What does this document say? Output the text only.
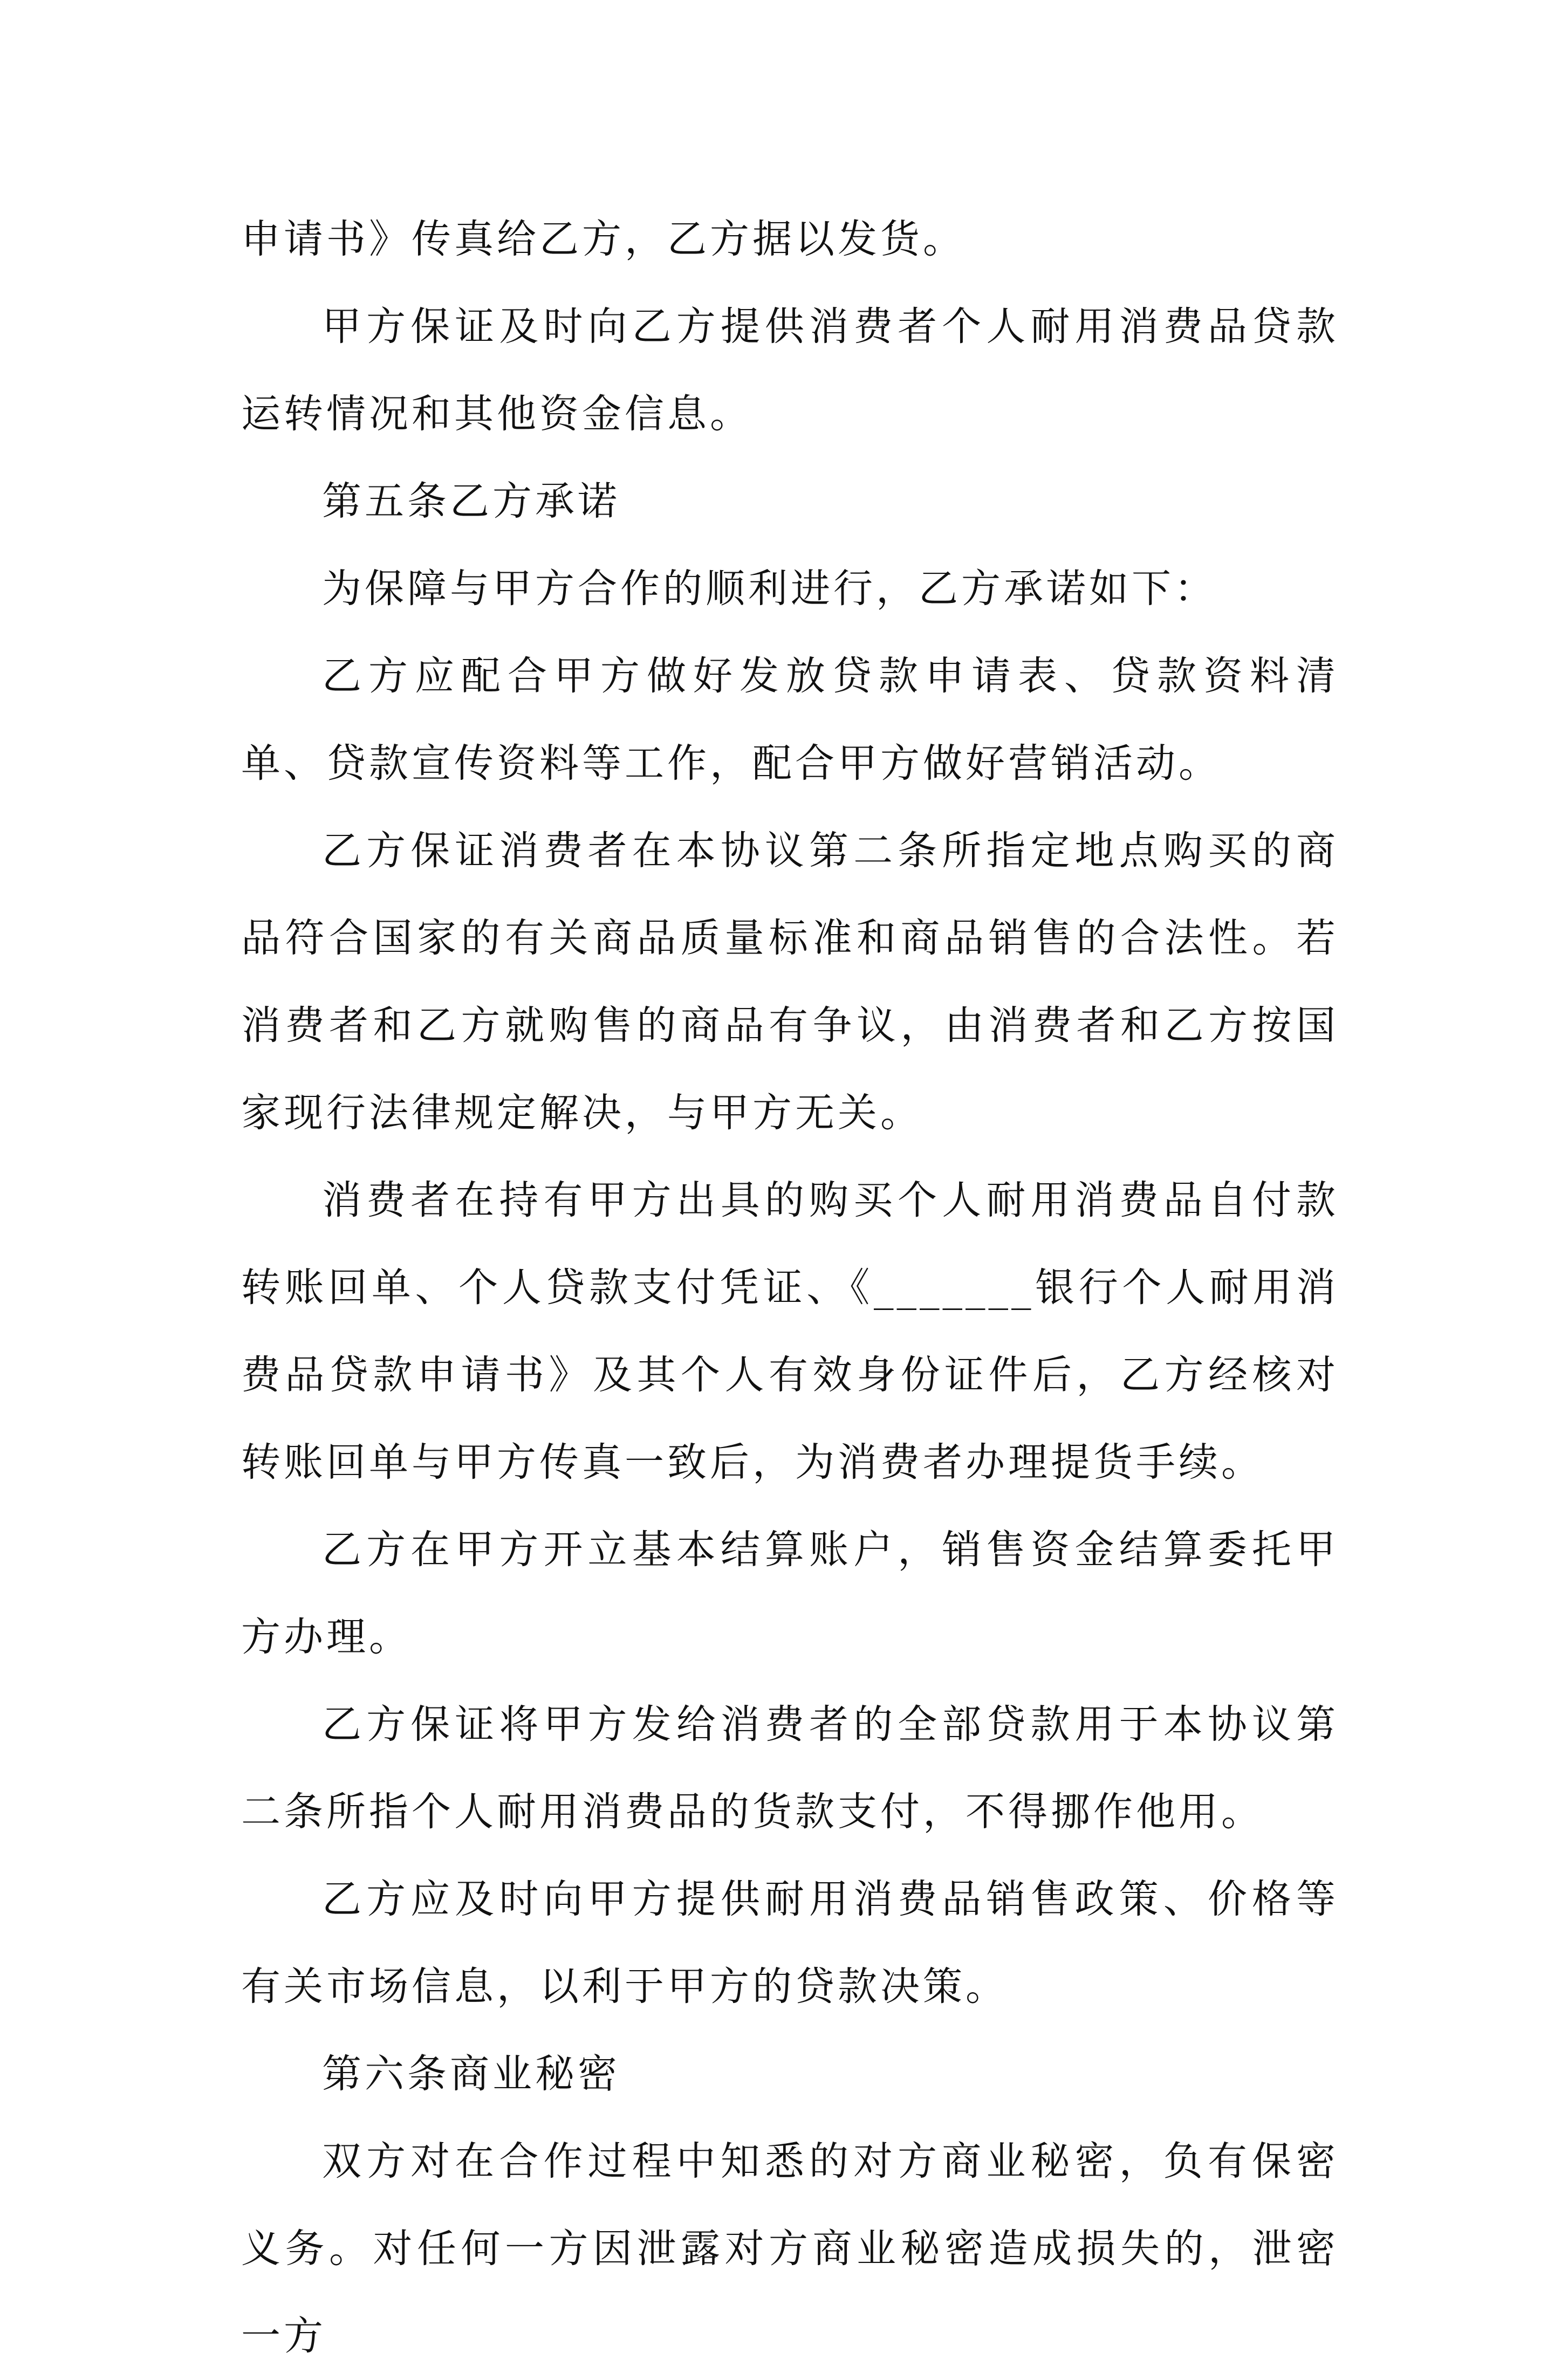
申请书》传真给乙方，乙方据以发货。

甲方保证及时向乙方提供消费者个人耐用消费品贷款运转情况和其他资金信息。

第五条乙方承诺

为保障与甲方合作的顺利进行，乙方承诺如下：

乙方应配合甲方做好发放贷款申请表、贷款资料清单、贷款宣传资料等工作，配合甲方做好营销活动。

乙方保证消费者在本协议第二条所指定地点购买的商品符合国家的有关商品质量标准和商品销售的合法性。若消费者和乙方就购售的商品有争议，由消费者和乙方按国家现行法律规定解决，与甲方无关。

消费者在持有甲方出具的购买个人耐用消费品自付款转账回单、个人贷款支付凭证、《_______银行个人耐用消费品贷款申请书》及其个人有效身份证件后，乙方经核对转账回单与甲方传真一致后，为消费者办理提货手续。

乙方在甲方开立基本结算账户，销售资金结算委托甲方办理。

乙方保证将甲方发给消费者的全部贷款用于本协议第二条所指个人耐用消费品的货款支付，不得挪作他用。

乙方应及时向甲方提供耐用消费品销售政策、价格等有关市场信息，以利于甲方的贷款决策。

第六条商业秘密

双方对在合作过程中知悉的对方商业秘密，负有保密义务。对任何一方因泄露对方商业秘密造成损失的，泄密一方
